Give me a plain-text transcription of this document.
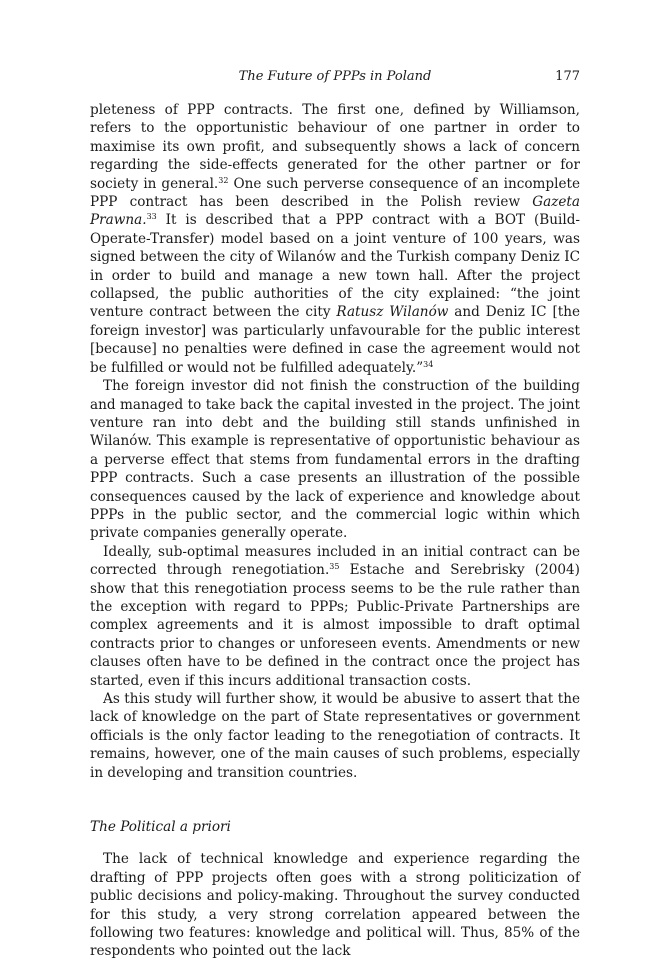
The Future of PPPs in Poland	177

pleteness of PPP contracts. The first one, defined by Williamson, refers to the opportunistic behaviour of one partner in order to maximise its own profit, and subsequently shows a lack of concern regarding the side-effects generated for the other partner or for society in general.$^{32}$ One such perverse consequence of an incomplete PPP contract has been described in the Polish review Gazeta Prawna.$^{33}$ It is described that a PPP contract with a BOT (Build-Operate-Transfer) model based on a joint venture of 100 years, was signed between the city of Wilanów and the Turkish company Deniz IC in order to build and manage a new town hall. After the project collapsed, the public authorities of the city explained: “the joint venture contract between the city Ratusz Wilanów and Deniz IC [the foreign investor] was particularly unfavourable for the public interest [because] no penalties were defined in case the agreement would not be fulfilled or would not be fulfilled adequately.”$^{34}$

The foreign investor did not finish the construction of the building and managed to take back the capital invested in the project. The joint venture ran into debt and the building still stands unfinished in Wilanów. This example is representative of opportunistic behaviour as a perverse effect that stems from fundamental errors in the drafting PPP contracts. Such a case presents an illustration of the possible consequences caused by the lack of experience and knowledge about PPPs in the public sector, and the commercial logic within which private companies generally operate.

Ideally, sub-optimal measures included in an initial contract can be corrected through renegotiation.$^{35}$ Estache and Serebrisky (2004) show that this renegotiation process seems to be the rule rather than the exception with regard to PPPs; Public-Private Partnerships are complex agreements and it is almost impossible to draft optimal contracts prior to changes or unforeseen events. Amendments or new clauses often have to be defined in the contract once the project has started, even if this incurs additional transaction costs.

As this study will further show, it would be abusive to assert that the lack of knowledge on the part of State representatives or government officials is the only factor leading to the renegotiation of contracts. It remains, however, one of the main causes of such problems, especially in developing and transition countries.

The Political a priori

The lack of technical knowledge and experience regarding the drafting of PPP projects often goes with a strong politicization of public decisions and policy-making. Throughout the survey conducted for this study, a very strong correlation appeared between the following two features: knowledge and political will. Thus, 85% of the respondents who pointed out the lack
